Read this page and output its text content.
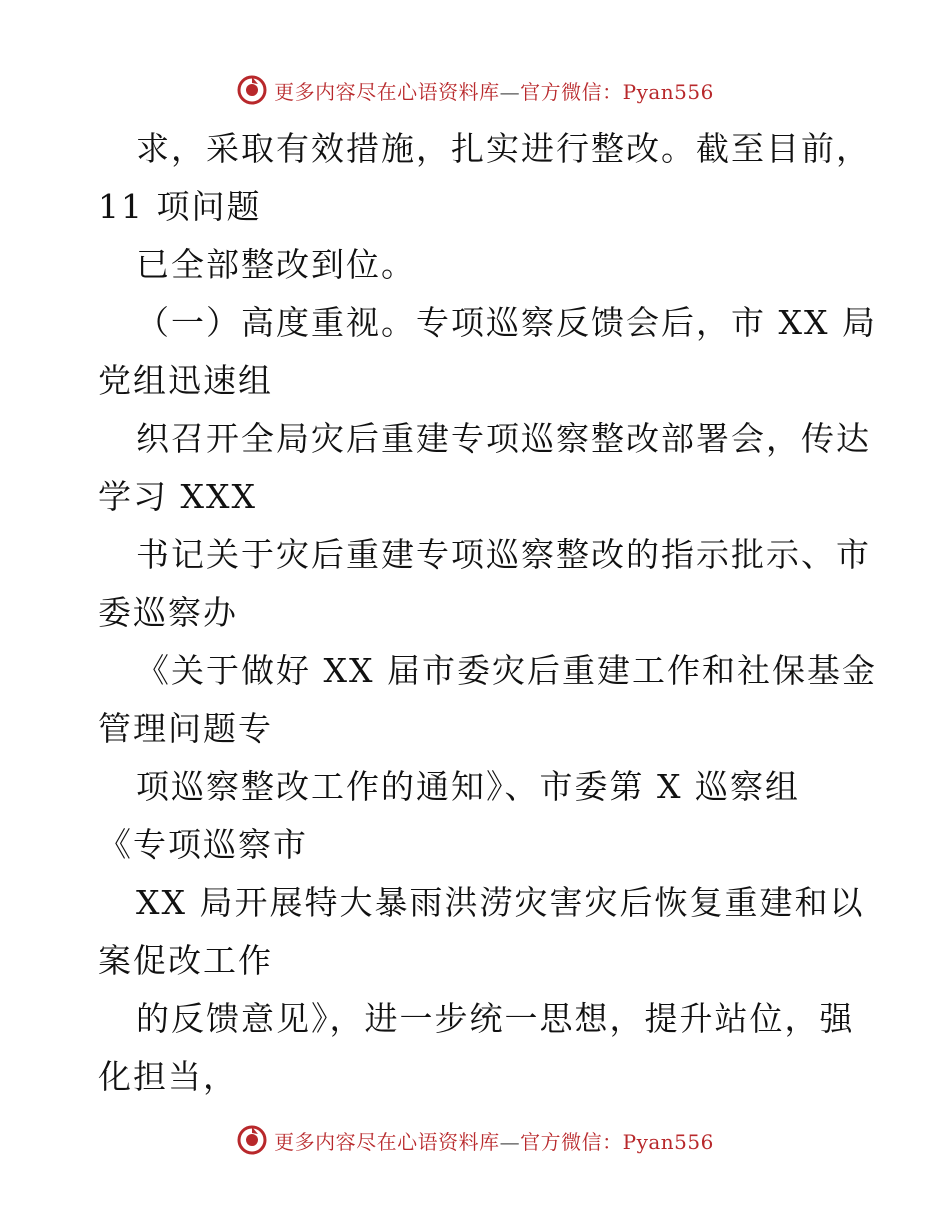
更多内容尽在心语资料库—官方微信：Pyan556
求，采取有效措施，扎实进行整改。截至目前，
11 项问题
已全部整改到位。
（一）高度重视。专项巡察反馈会后，市 XX 局
党组迅速组
织召开全局灾后重建专项巡察整改部署会，传达
学习 XXX
书记关于灾后重建专项巡察整改的指示批示、市
委巡察办
《关于做好 XX 届市委灾后重建工作和社保基金
管理问题专
项巡察整改工作的通知》、市委第 X 巡察组
《专项巡察市
XX 局开展特大暴雨洪涝灾害灾后恢复重建和以
案促改工作
的反馈意见》，进一步统一思想，提升站位，强
化担当，
更多内容尽在心语资料库—官方微信：Pyan556
